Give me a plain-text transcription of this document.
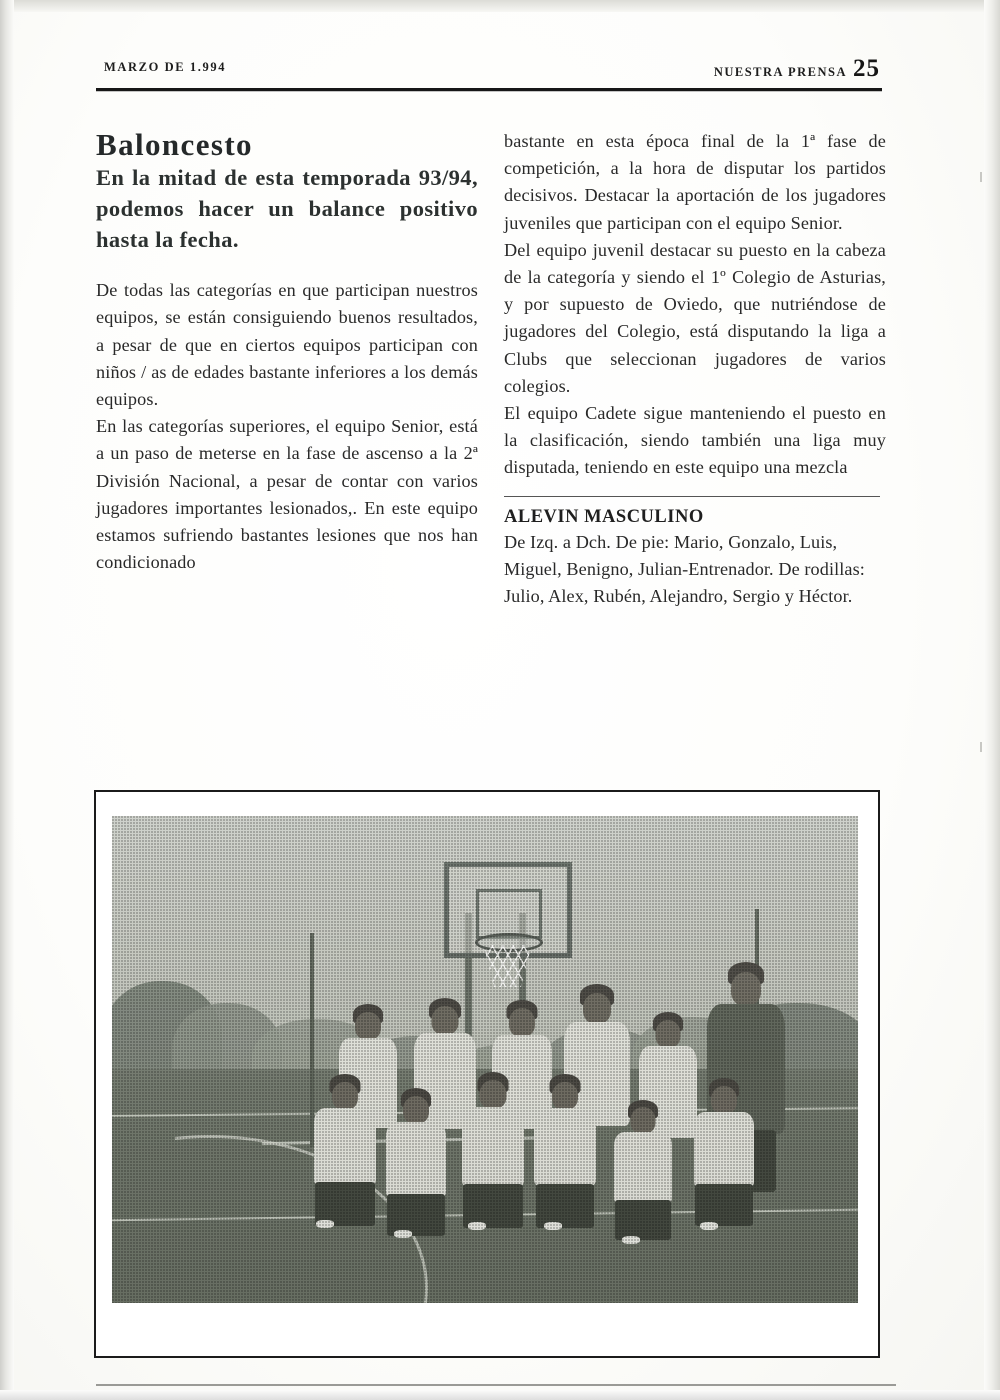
MARZO DE 1.994	NUESTRA PRENSA 25
Baloncesto
En la mitad de esta temporada 93/94, podemos hacer un balance positivo hasta la fecha.

De todas las categorías en que participan nuestros equipos, se están consiguiendo buenos resultados, a pesar de que en ciertos equipos participan con niños / as de edades bastante inferiores a los demás equipos.

En las categorías superiores, el equipo Senior, está a un paso de meterse en la fase de ascenso a la 2ª División Nacional, a pesar de contar con varios jugadores importantes lesionados,. En este equipo estamos sufriendo bastantes lesiones que nos han condicionado

bastante en esta época final de la 1ª fase de competición, a la hora de disputar los partidos decisivos. Destacar la aportación de los jugadores juveniles que participan con el equipo Senior.

Del equipo juvenil destacar su puesto en la cabeza de la categoría y siendo el 1º Colegio de Asturias, y por supuesto de Oviedo, que nutriéndose de jugadores del Colegio, está disputando la liga a Clubs que seleccionan jugadores de varios colegios.

El equipo Cadete sigue manteniendo el puesto en la clasificación, siendo también una liga muy disputada, teniendo en este equipo una mezcla

ALEVIN MASCULINO

De Izq. a Dch. De pie: Mario, Gonzalo, Luis, Miguel, Benigno, Julian-Entrenador. De rodillas: Julio, Alex, Rubén, Alejandro, Sergio y Héctor.
